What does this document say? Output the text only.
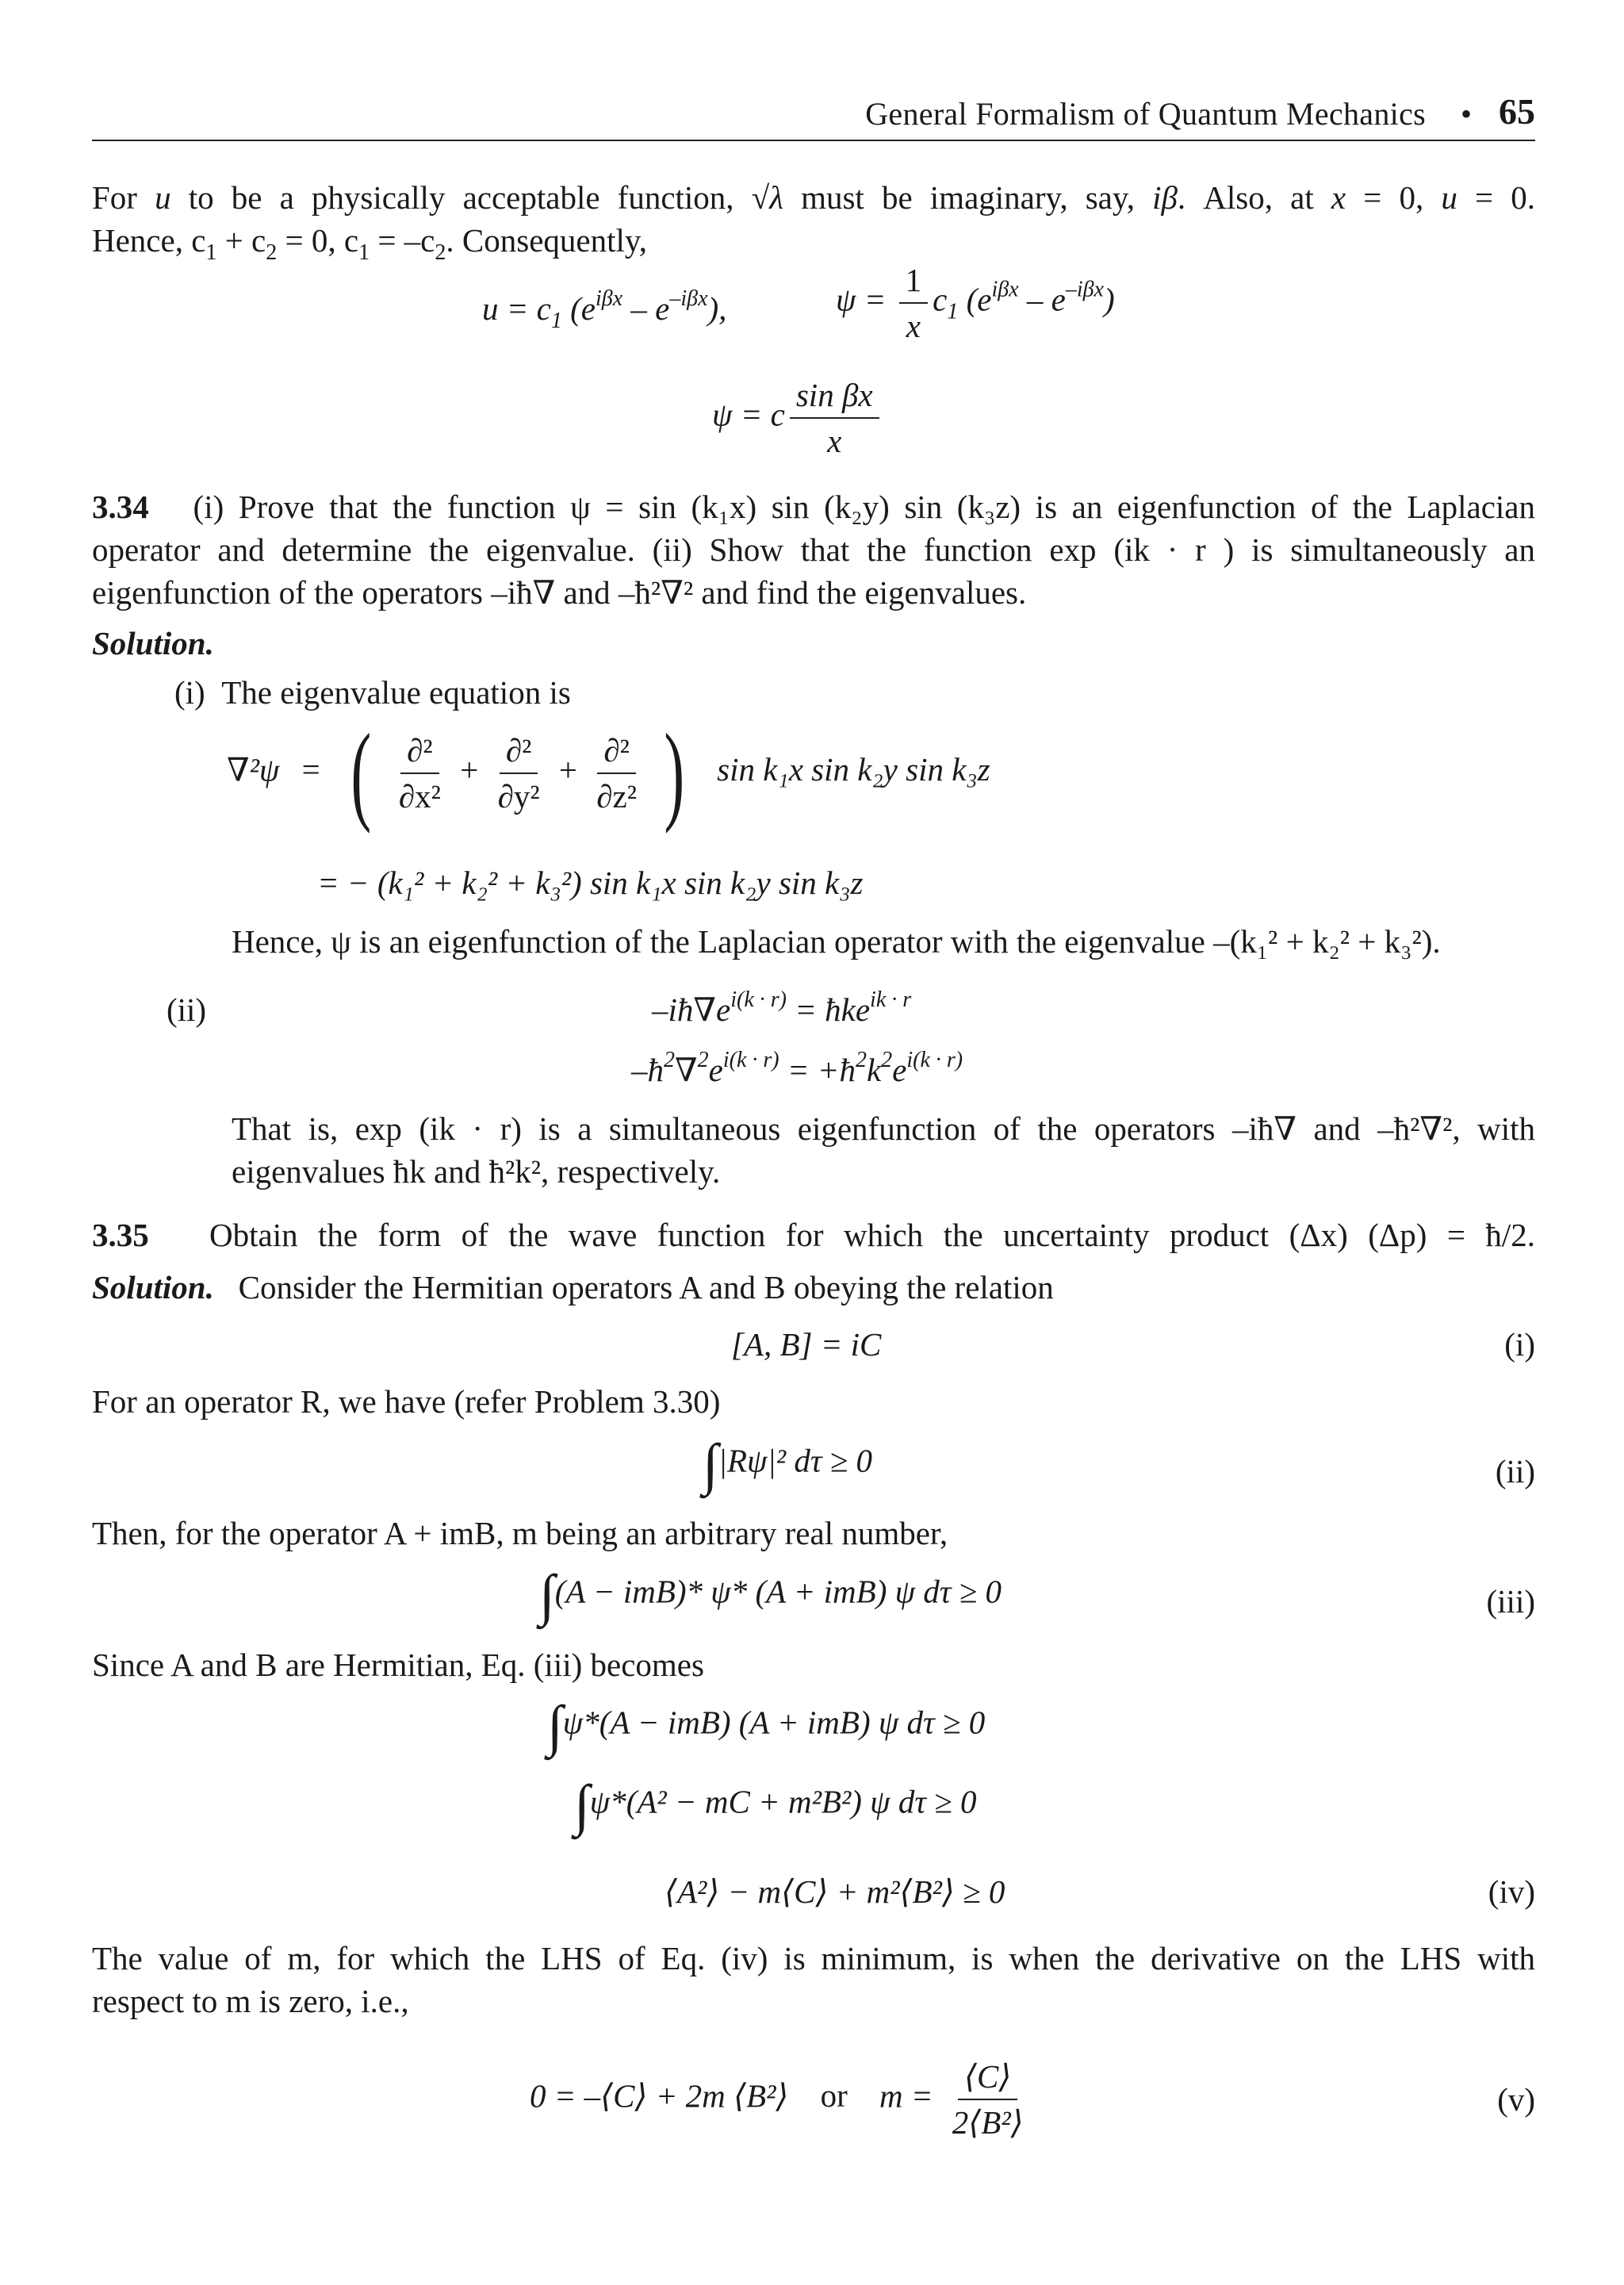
General Formalism of Quantum Mechanics • 65
For u to be a physically acceptable function, √λ must be imaginary, say, iβ. Also, at x = 0, u = 0.
Hence, $c_1 + c_2 = 0$, $c_1 = -c_2$. Consequently,
$u = c_1$ $(e^{i\beta x} - e^{-i\beta x})$,	$\psi = \frac{1}{x} c_1$ $(e^{i\beta x} - e^{-i\beta x})$
ψ = c $\frac{\text{sin βx}}{x}$
3.34 (i) Prove that the function ψ = sin (k₁x) sin (k₂y) sin (k₃z) is an eigenfunction of the Laplacian
operator and determine the eigenvalue. (ii) Show that the function exp (ik · r ) is simultaneously an
eigenfunction of the operators –iħ∇ and –ħ²∇² and find the eigenvalues.
Solution.
(i) The eigenvalue equation is
∇²ψ = ( $\frac{\text{∂²}}{\text{∂x²}} + \frac{\text{∂²}}{\text{∂y²}} + \frac{\text{∂²}}{\text{∂z²}}$ ) sin k₁x sin k₂y sin k₃z
= − (k₁² + k₂² + k₃²) sin k₁x sin k₂y sin k₃z
Hence, ψ is an eigenfunction of the Laplacian operator with the eigenvalue –(k₁² + k₂² + k₃²).
(ii)	$-iħ\nabla e^{i(k \cdot r)}$ = ħke$^{ik \cdot r}$
$-ħ^2\nabla^2e^{i(k \cdot r)}$ = $+ħ^2k^2e^{i(k \cdot r)}$
That is, exp (ik · r) is a simultaneous eigenfunction of the operators –iħ∇ and –ħ²∇², with
eigenvalues ħk and ħ²k², respectively.
3.35 Obtain the form of the wave function for which the uncertainty product (Δx) (Δp) = ħ/2.
Solution. Consider the Hermitian operators A and B obeying the relation
[A, B] = iC	(i)
For an operator R, we have (refer Problem 3.30)
∫|Rψ|² dτ ≥ 0	(ii)
Then, for the operator A + imB, m being an arbitrary real number,
∫(A − imB)* ψ* (A + imB) ψ dτ ≥ 0	(iii)
Since A and B are Hermitian, Eq. (iii) becomes
∫ψ*(A − imB) (A + imB) ψ dτ ≥ 0
∫ψ*(A² − mC + m²B²) ψ dτ ≥ 0
⟨A²⟩ − m⟨C⟩ + m²⟨B²⟩ ≥ 0	(iv)
The value of m, for which the LHS of Eq. (iv) is minimum, is when the derivative on the LHS with
respect to m is zero, i.e.,
0 = –⟨C⟩ + 2m ⟨B²⟩ or $m = \frac{⟨C⟩}{\text{2⟨B²⟩}}$	(v)
